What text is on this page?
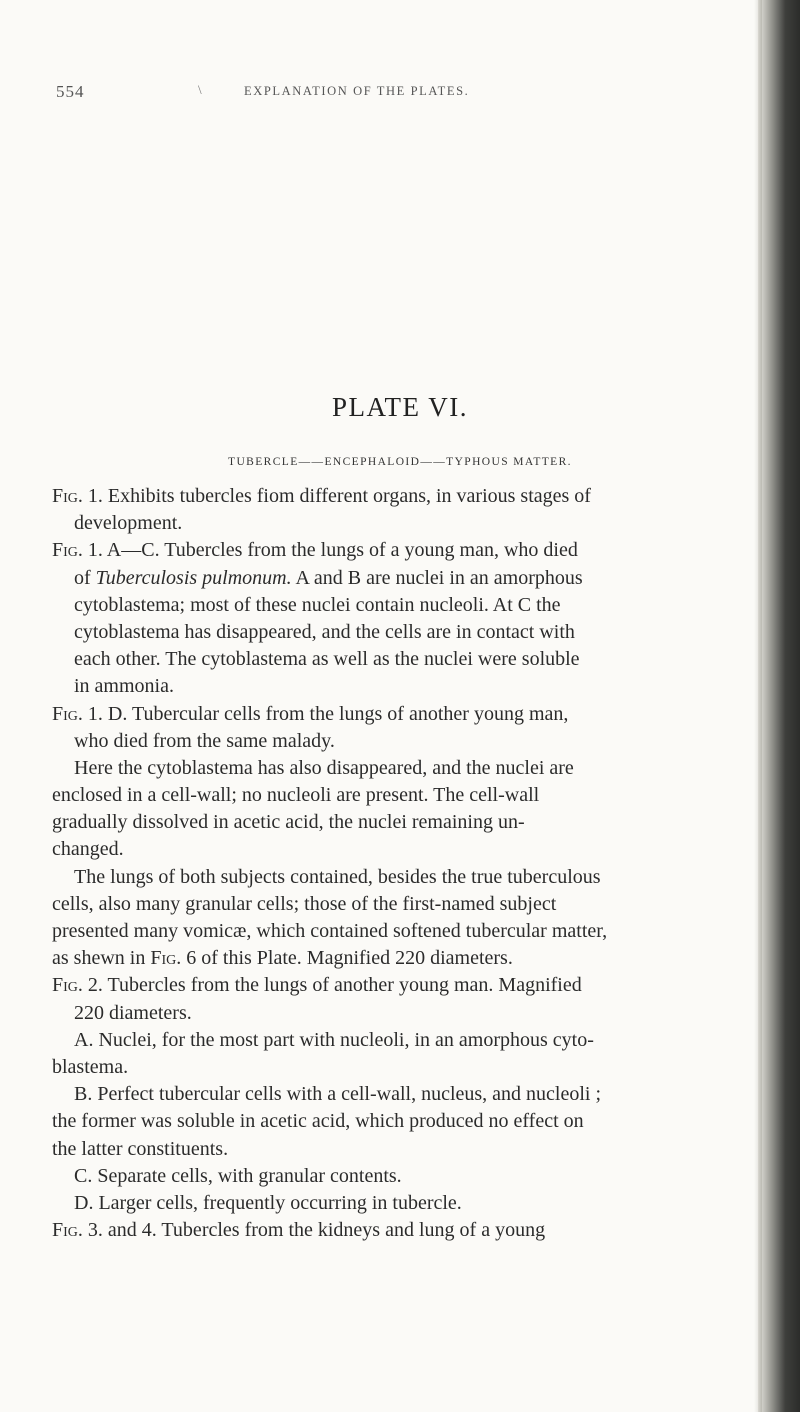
554	\	EXPLANATION OF THE PLATES.
PLATE VI.
TUBERCLE——ENCEPHALOID——TYPHOUS MATTER.
Fig. 1. Exhibits tubercles fiom different organs, in various stages of
development.
Fig. 1. A—C. Tubercles from the lungs of a young man, who died
of Tuberculosis pulmonum. A and B are nuclei in an amorphous
cytoblastema; most of these nuclei contain nucleoli. At C the
cytoblastema has disappeared, and the cells are in contact with
each other. The cytoblastema as well as the nuclei were soluble
in ammonia.
Fig. 1. D. Tubercular cells from the lungs of another young man,
who died from the same malady.
Here the cytoblastema has also disappeared, and the nuclei are
enclosed in a cell-wall; no nucleoli are present. The cell-wall
gradually dissolved in acetic acid, the nuclei remaining un-
changed.
The lungs of both subjects contained, besides the true tuberculous
cells, also many granular cells; those of the first-named subject
presented many vomicæ, which contained softened tubercular matter,
as shewn in Fig. 6 of this Plate. Magnified 220 diameters.
Fig. 2. Tubercles from the lungs of another young man. Magnified
220 diameters.
A. Nuclei, for the most part with nucleoli, in an amorphous cyto-
blastema.
B. Perfect tubercular cells with a cell-wall, nucleus, and nucleoli ;
the former was soluble in acetic acid, which produced no effect on
the latter constituents.
C. Separate cells, with granular contents.
D. Larger cells, frequently occurring in tubercle.
Fig. 3. and 4. Tubercles from the kidneys and lung of a young
